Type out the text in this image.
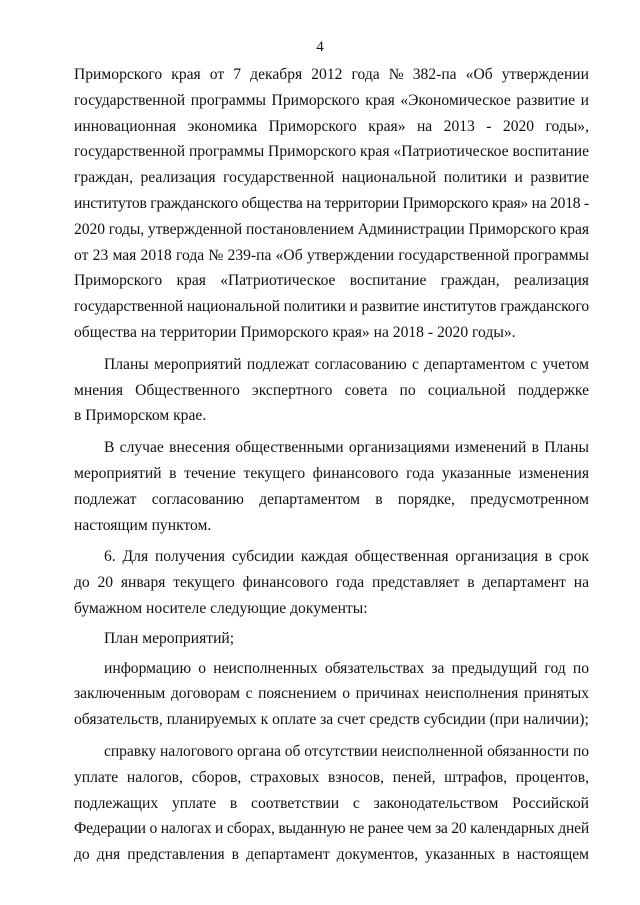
4
Приморского края от 7 декабря 2012 года № 382-па «Об утверждении
государственной программы Приморского края «Экономическое развитие и
инновационная экономика Приморского края» на 2013 - 2020 годы»,
государственной программы Приморского края «Патриотическое воспитание
граждан, реализация государственной национальной политики и развитие
институтов гражданского общества на территории Приморского края» на 2018 -
2020 годы, утвержденной постановлением Администрации Приморского края
от 23 мая 2018 года № 239-па «Об утверждении государственной программы
Приморского края «Патриотическое воспитание граждан, реализация
государственной национальной политики и развитие институтов гражданского
общества на территории Приморского края» на 2018 - 2020 годы».
Планы мероприятий подлежат согласованию с департаментом с учетом
мнения Общественного экспертного совета по социальной поддержке
в Приморском крае.
В случае внесения общественными организациями изменений в Планы
мероприятий в течение текущего финансового года указанные изменения
подлежат согласованию департаментом в порядке, предусмотренном
настоящим пунктом.
6. Для получения субсидии каждая общественная организация в срок
до 20 января текущего финансового года представляет в департамент на
бумажном носителе следующие документы:
План мероприятий;
информацию о неисполненных обязательствах за предыдущий год по
заключенным договорам с пояснением о причинах неисполнения принятых
обязательств, планируемых к оплате за счет средств субсидии (при наличии);
справку налогового органа об отсутствии неисполненной обязанности по
уплате налогов, сборов, страховых взносов, пеней, штрафов, процентов,
подлежащих уплате в соответствии с законодательством Российской
Федерации о налогах и сборах, выданную не ранее чем за 20 календарных дней
до дня представления в департамент документов, указанных в настоящем
